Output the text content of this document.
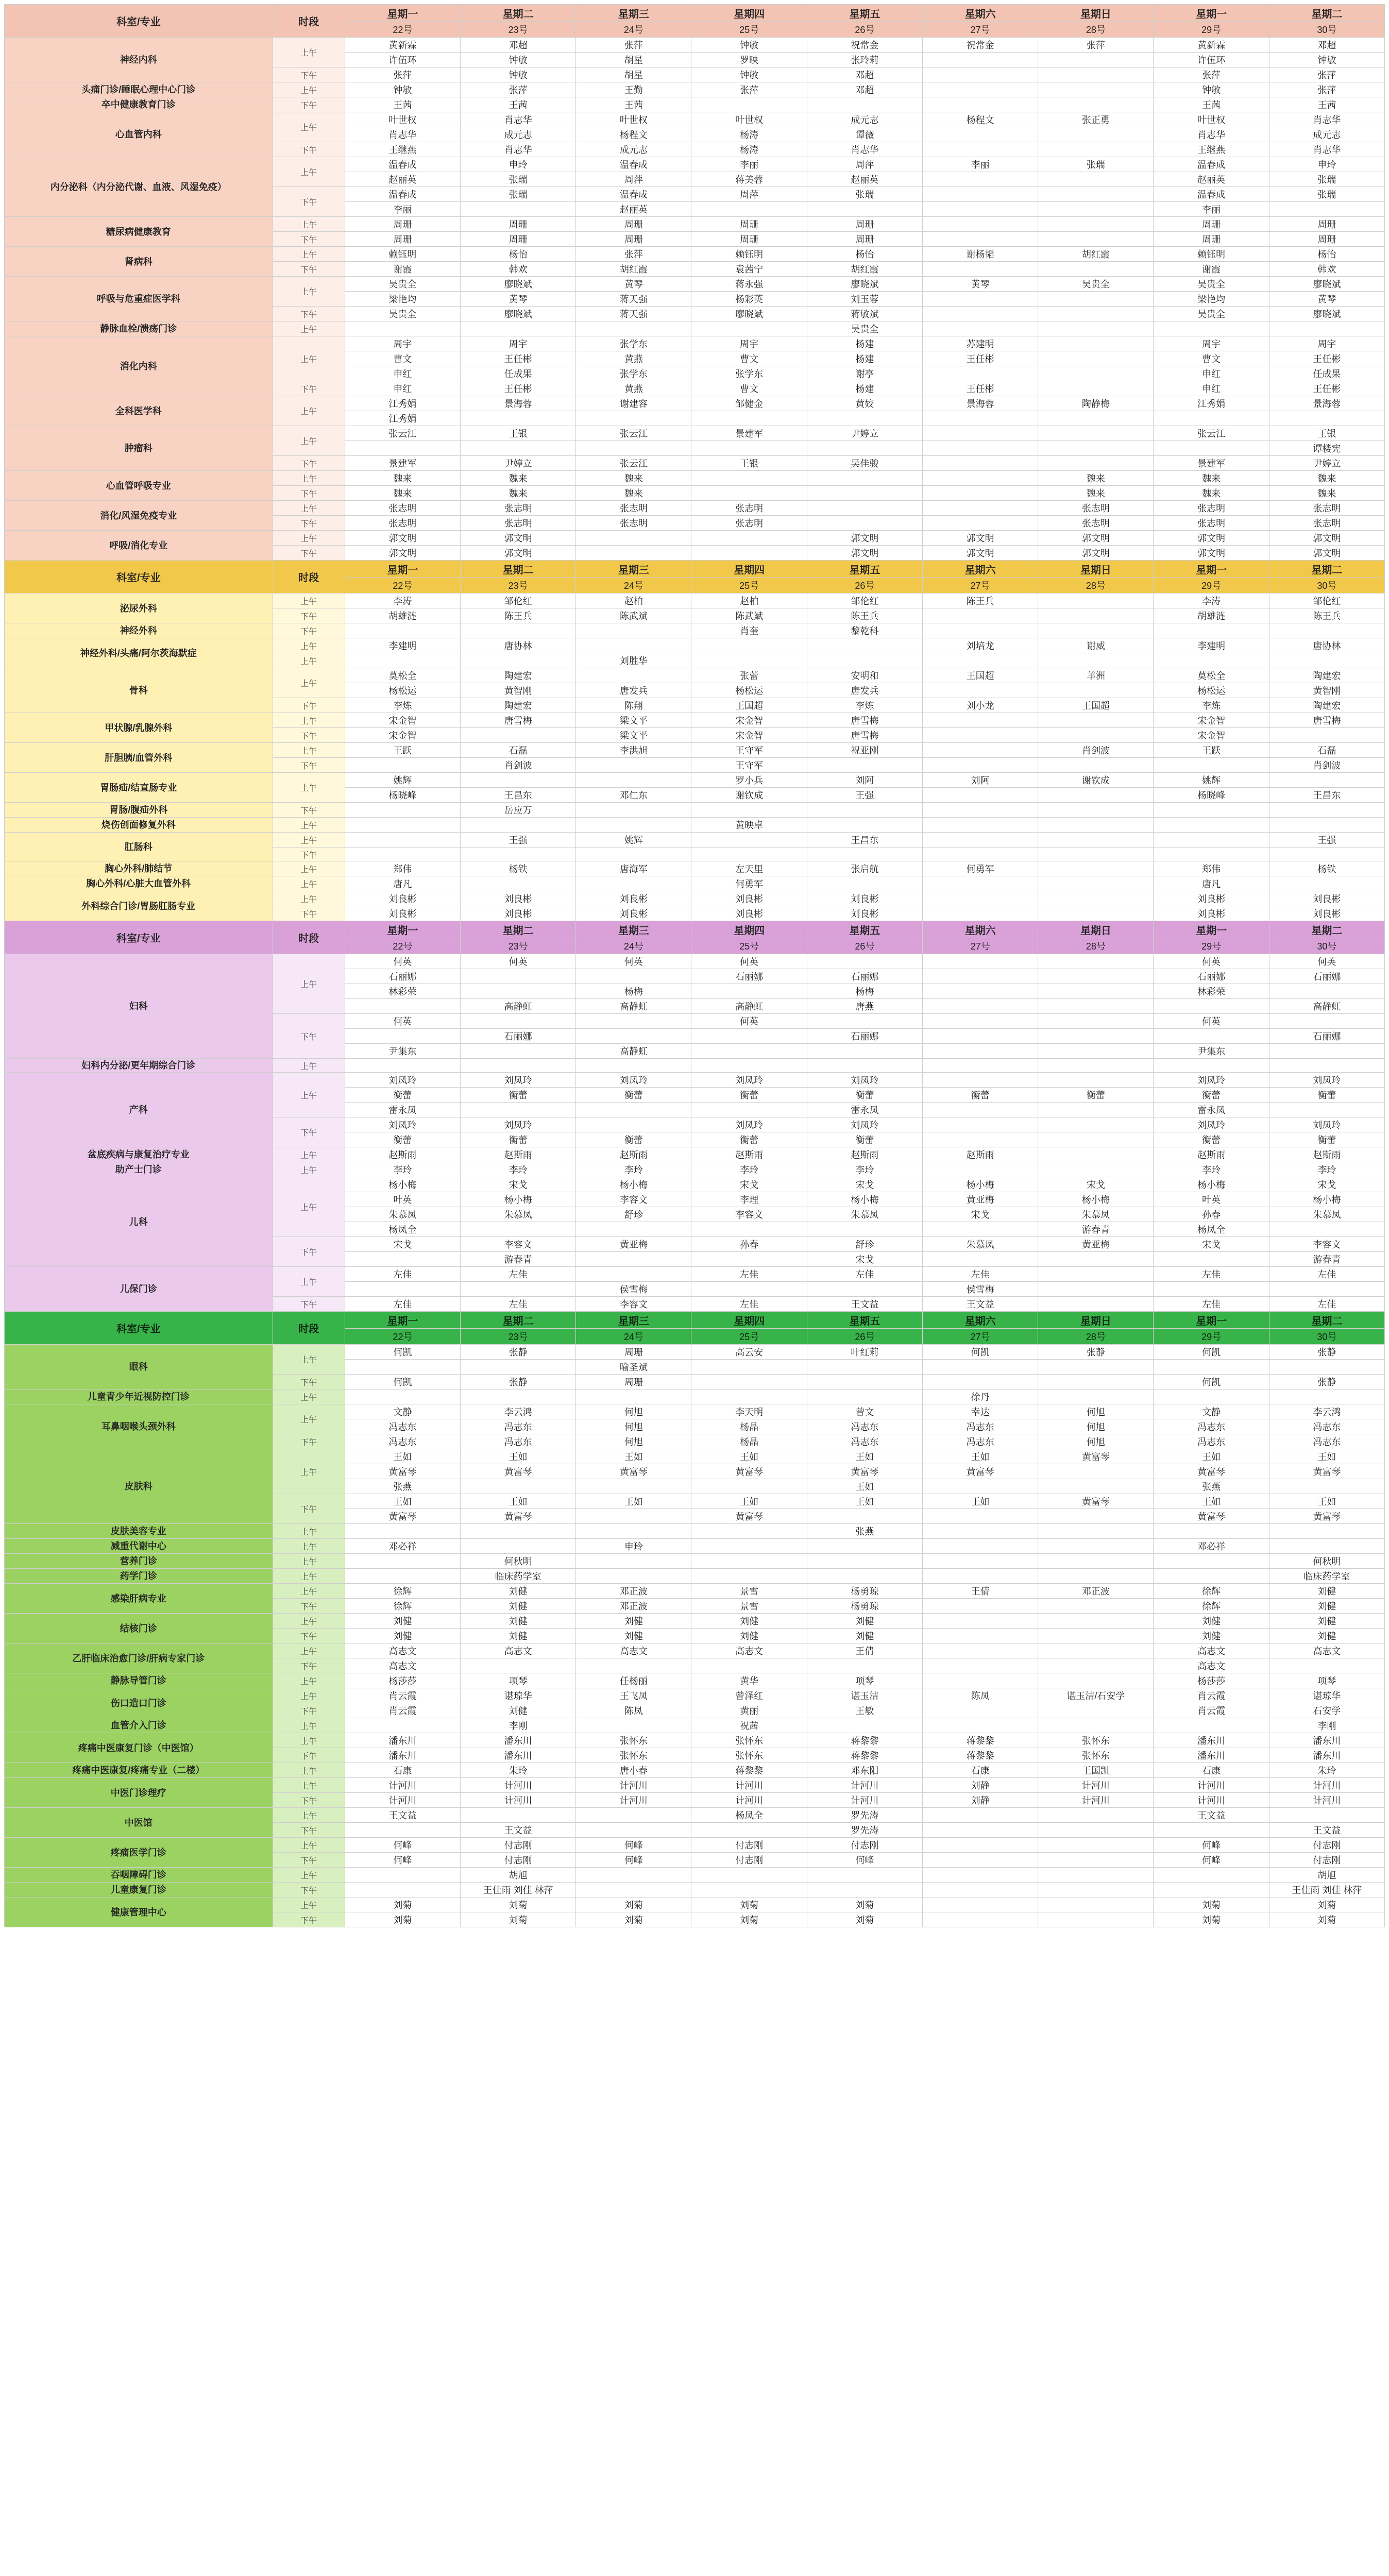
科室/专业	时段	星期一	星期二	星期三	星期四	星期五	星期六	星期日	星期一	星期二
		22号	23号	24号	25号	26号	27号	28号	29号	30号
神经内科	上午	黄新霖	邓超	张萍	钟敏	祝常金	祝常金	张萍	黄新霖	邓超
		许伍环	钟敏	胡星	罗映	张玲莉			许伍环	钟敏
	下午	张萍	钟敏	胡星	钟敏	邓超			张萍	张萍
头痛门诊/睡眠心理中心门诊	上午	钟敏	张萍	王勤	张萍	邓超			钟敏	张萍
卒中健康教育门诊	下午	王茜	王茜	王茜					王茜	王茜
心血管内科	上午	叶世权	肖志华	叶世权	叶世权	成元志	杨程文	张正勇	叶世权	肖志华
		肖志华	成元志	杨程文	杨涛	谭薇			肖志华	成元志
	下午	王继燕	肖志华	成元志	杨涛	肖志华			王继燕	肖志华
内分泌科（内分泌代谢、血液、风湿免疫）	上午	温春成	申玲	温春成	李丽	周萍	李丽	张瑞	温春成	申玲
		赵丽英	张瑞	周萍	蒋美蓉	赵丽英			赵丽英	张瑞
	下午	温春成	张瑞	温春成	周萍	张瑞			温春成	张瑞
		李丽		赵丽英					李丽	
糖尿病健康教育	上午	周珊	周珊	周珊	周珊	周珊			周珊	周珊
	下午	周珊	周珊	周珊	周珊	周珊			周珊	周珊
肾病科	上午	赖钰明	杨怡	张萍	赖钰明	杨怡	谢杨韬	胡红霞	赖钰明	杨怡
	下午	谢霞	韩欢	胡红霞	袁茜宁	胡红霞			谢霞	韩欢
呼吸与危重症医学科	上午	吴贵全	廖晓斌	黄琴	蒋永强	廖晓斌	黄琴	吴贵全	吴贵全	廖晓斌
		梁艳均	黄琴	蒋天强	杨彩英	刘玉蓉			梁艳均	黄琴
	下午	吴贵全	廖晓斌	蒋天强	廖晓斌	蒋敏斌			吴贵全	廖晓斌
静脉血栓/溃疡门诊	上午					吴贵全				
消化内科	上午	周宇	周宇	张学东	周宇	杨建	苏建明		周宇	周宇
		曹文	王任彬	黄燕	曹文	杨建	王任彬		曹文	王任彬
		申红	任成果	张学东	张学东	谢亭			申红	任成果
	下午	申红	王任彬	黄燕	曹文	杨建	王任彬		申红	王任彬
全科医学科	上午	江秀娟	景海蓉	谢建容	邹健金	黄姣	景海蓉	陶静梅	江秀娟	景海蓉
		江秀娟								
肿瘤科	上午	张云江	王银	张云江	景建军	尹婷立			张云江	王银
										谭楼宪
	下午	景建军	尹婷立	张云江	王银	吴佳骏			景建军	尹婷立
心血管呼吸专业	上午	魏来	魏来	魏来				魏来	魏来	魏来
	下午	魏来	魏来	魏来				魏来	魏来	魏来
消化/风湿免疫专业	上午	张志明	张志明	张志明	张志明			张志明	张志明	张志明
	下午	张志明	张志明	张志明	张志明			张志明	张志明	张志明
呼吸/消化专业	上午	郭文明	郭文明			郭文明	郭文明	郭文明	郭文明	郭文明
	下午	郭文明	郭文明			郭文明	郭文明	郭文明	郭文明	郭文明
科室/专业	时段	星期一	星期二	星期三	星期四	星期五	星期六	星期日	星期一	星期二
		22号	23号	24号	25号	26号	27号	28号	29号	30号
泌尿外科	上午	李涛	邹伦红	赵柏	赵柏	邹伦红	陈王兵		李涛	邹伦红
	下午	胡雄涟	陈王兵	陈武斌	陈武斌	陈王兵			胡雄涟	陈王兵
神经外科	下午				肖奎	黎乾科				
神经外科/头痛/阿尔茨海默症	上午	李建明	唐协林				刘培龙	谢威	李建明	唐协林
	上午			刘胜华						
骨科	上午	莫松全	陶建宏		张蕾	安明和	王国超	羊洲	莫松全	陶建宏
		杨松运	黄智刚	唐发兵	杨松运	唐发兵			杨松运	黄智刚
	下午	李炼	陶建宏	陈翔	王国超	李炼	刘小龙	王国超	李炼	陶建宏
甲状腺/乳腺外科	上午	宋金智	唐雪梅	梁文平	宋金智	唐雪梅			宋金智	唐雪梅
	下午	宋金智		梁文平	宋金智	唐雪梅			宋金智	
肝胆胰/血管外科	上午	王跃	石磊	李洪旭	王守军	祝亚刚		肖剑波	王跃	石磊
	下午		肖剑波		王守军					肖剑波
胃肠疝/结直肠专业	上午	姚辉			罗小兵	刘阿	刘阿	谢钦成	姚辉	
		杨晓峰	王昌东	邓仁东	谢钦成	王强			杨晓峰	王昌东
胃肠/腹疝外科	下午		岳应万							
烧伤创面修复外科	上午				黄映卓					
肛肠科	上午		王强	姚辉		王昌东				王强
	下午									
胸心外科/肺结节	上午	郑伟	杨铁	唐海军	左天里	张启航	何勇军		郑伟	杨铁
胸心外科/心脏大血管外科	上午	唐凡			何勇军				唐凡	
外科综合门诊/胃肠肛肠专业	上午	刘良彬	刘良彬	刘良彬	刘良彬	刘良彬			刘良彬	刘良彬
	下午	刘良彬	刘良彬	刘良彬	刘良彬	刘良彬			刘良彬	刘良彬
科室/专业	时段	星期一	星期二	星期三	星期四	星期五	星期六	星期日	星期一	星期二
		22号	23号	24号	25号	26号	27号	28号	29号	30号
妇科	上午	何英	何英	何英	何英				何英	何英
		石丽娜			石丽娜	石丽娜			石丽娜	石丽娜
		林彩荣		杨梅		杨梅			林彩荣	
			高静虹	高静虹	高静虹	唐燕				高静虹
	下午	何英			何英				何英	
			石丽娜			石丽娜				石丽娜
		尹集东		高静虹					尹集东	
妇科内分泌/更年期综合门诊	上午									
产科	上午	刘凤玲	刘凤玲	刘凤玲	刘凤玲	刘凤玲			刘凤玲	刘凤玲
		衡蕾	衡蕾	衡蕾	衡蕾	衡蕾	衡蕾	衡蕾	衡蕾	衡蕾
		雷永凤				雷永凤			雷永凤	
	下午	刘凤玲	刘凤玲		刘凤玲	刘凤玲			刘凤玲	刘凤玲
		衡蕾	衡蕾	衡蕾	衡蕾	衡蕾			衡蕾	衡蕾
盆底疾病与康复治疗专业	上午	赵斯雨	赵斯雨	赵斯雨	赵斯雨	赵斯雨	赵斯雨		赵斯雨	赵斯雨
助产士门诊	上午	李玲	李玲	李玲	李玲	李玲			李玲	李玲
儿科	上午	杨小梅	宋戈	杨小梅	宋戈	宋戈	杨小梅	宋戈	杨小梅	宋戈
		叶英	杨小梅	李容文	李理	杨小梅	黄亚梅	杨小梅	叶英	杨小梅
		朱慕凤	朱慕凤	舒珍	李容文	朱慕凤	宋戈	朱慕凤	孙春	朱慕凤
		杨凤全						游春青	杨凤全	
	下午	宋戈	李容文	黄亚梅	孙春	舒珍	朱慕凤	黄亚梅	宋戈	李容文
			游春青			宋戈				游春青
儿保门诊	上午	左佳	左佳		左佳	左佳	左佳		左佳	左佳
				侯雪梅			侯雪梅			
	下午	左佳	左佳	李容文	左佳	王文益	王文益		左佳	左佳
科室/专业	时段	星期一	星期二	星期三	星期四	星期五	星期六	星期日	星期一	星期二
		22号	23号	24号	25号	26号	27号	28号	29号	30号
眼科	上午	何凯	张静	周珊	高云安	叶红莉	何凯	张静	何凯	张静
				喻圣斌						
	下午	何凯	张静	周珊					何凯	张静
儿童青少年近视防控门诊	上午						徐丹			
耳鼻咽喉头颈外科	上午	文静	李云鸿	何旭	李天明	曾文	幸达	何旭	文静	李云鸿
		冯志东	冯志东	何旭	杨晶	冯志东	冯志东	何旭	冯志东	冯志东
	下午	冯志东	冯志东	何旭	杨晶	冯志东	冯志东	何旭	冯志东	冯志东
皮肤科	上午	王如	王如	王如	王如	王如	王如	黄富琴	王如	王如
		黄富琴	黄富琴	黄富琴	黄富琴	黄富琴	黄富琴		黄富琴	黄富琴
		张燕				王如			张燕	
	下午	王如	王如	王如	王如	王如	王如	黄富琴	王如	王如
		黄富琴	黄富琴		黄富琴				黄富琴	黄富琴
皮肤美容专业	上午					张燕				
减重代谢中心	上午	邓必祥		申玲					邓必祥	
营养门诊	上午		何秋明							何秋明
药学门诊	上午		临床药学室							临床药学室
感染肝病专业	上午	徐辉	刘健	邓正波	景雪	杨勇琼	王倩	邓正波	徐辉	刘健
	下午	徐辉	刘健	邓正波	景雪	杨勇琼			徐辉	刘健
结核门诊	上午	刘健	刘健	刘健	刘健	刘健			刘健	刘健
	下午	刘健	刘健	刘健	刘健	刘健			刘健	刘健
乙肝临床治愈门诊/肝病专家门诊	上午	高志文	高志文	高志文	高志文	王倩			高志文	高志文
	下午	高志文							高志文	
静脉导管门诊	上午	杨莎莎	项琴	任杨丽	黄华	项琴			杨莎莎	项琴
伤口造口门诊	上午	肖云霞	谌琼华	王飞凤	曾泽红	谌玉洁	陈凤	谌玉洁/石安学	肖云霞	谌琼华
	下午	肖云霞	刘健	陈凤	黄丽	王敏			肖云霞	石安学
血管介入门诊	上午		李刚		祝茜					李刚
疼痛中医康复门诊（中医馆）	上午	潘东川	潘东川	张怀东	张怀东	蒋黎黎	蒋黎黎	张怀东	潘东川	潘东川
	下午	潘东川	潘东川	张怀东	张怀东	蒋黎黎	蒋黎黎	张怀东	潘东川	潘东川
疼痛中医康复/疼痛专业（二楼）	上午	石康	朱玲	唐小春	蒋黎黎	邓东阳	石康	王国凯	石康	朱玲
中医门诊理疗	上午	计河川	计河川	计河川	计河川	计河川	刘静	计河川	计河川	计河川
	下午	计河川	计河川	计河川	计河川	计河川	刘静	计河川	计河川	计河川
中医馆	上午	王文益			杨凤全	罗先涛			王文益	
	下午		王文益			罗先涛				王文益
疼痛医学门诊	上午	何峰	付志刚	何峰	付志刚	付志刚			何峰	付志刚
	下午	何峰	付志刚	何峰	付志刚	何峰			何峰	付志刚
吞咽障碍门诊	上午		胡旭							胡旭
儿童康复门诊	下午		王佳雨 刘佳 林萍							王佳雨 刘佳 林萍
健康管理中心	上午	刘菊	刘菊	刘菊	刘菊	刘菊			刘菊	刘菊
	下午	刘菊	刘菊	刘菊	刘菊	刘菊			刘菊	刘菊
